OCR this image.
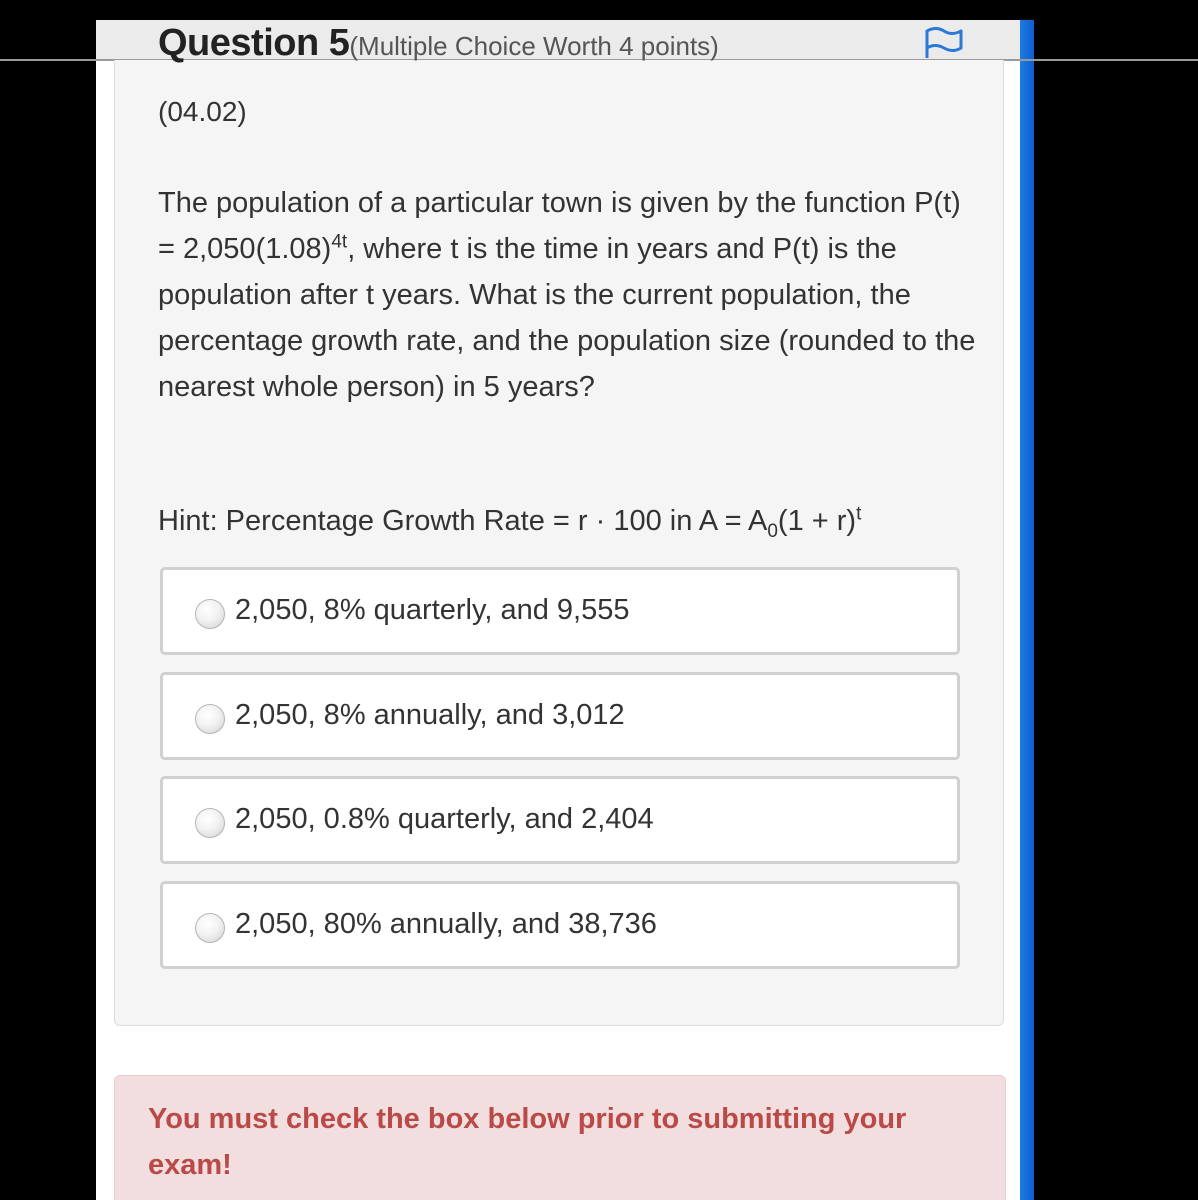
Question 5(Multiple Choice Worth 4 points)
(04.02)
The population of a particular town is given by the function $P(t) = 2,050(1.08)^{4t}$, where t is the time in years and P(t) is the population after t years. What is the current population, the percentage growth rate, and the population size (rounded to the nearest whole person) in 5 years?
Hint: Percentage Growth Rate = r · 100 in $A = A_0(1 + r)^t$
2,050, 8% quarterly, and 9,555
2,050, 8% annually, and 3,012
2,050, 0.8% quarterly, and 2,404
2,050, 80% annually, and 38,736
You must check the box below prior to submitting your exam!
